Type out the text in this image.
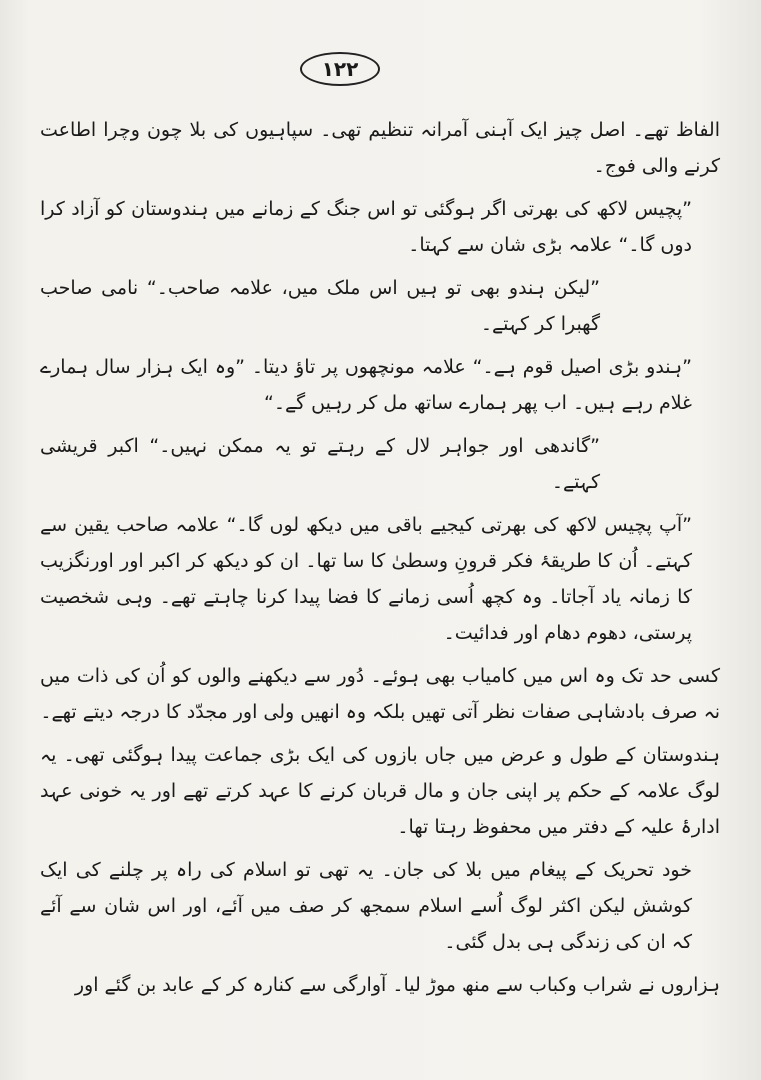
۱۲۲

الفاظ تھے۔ اصل چیز ایک آہنی آمرانہ تنظیم تھی۔ سپاہیوں کی بلا چون وچرا اطاعت کرنے والی فوج۔

”پچیس لاکھ کی بھرتی اگر ہوگئی تو اس جنگ کے زمانے میں ہندوستان کو آزاد کرا دوں گا۔“ علامہ بڑی شان سے کہتا۔

”لیکن ہندو بھی تو ہیں اس ملک میں، علامہ صاحب۔“ نامی صاحب گھبرا کر کہتے۔

”ہندو بڑی اصیل قوم ہے۔“ علامہ مونچھوں پر تاؤ دیتا۔ ”وہ ایک ہزار سال ہمارے غلام رہے ہیں۔ اب پھر ہمارے ساتھ مل کر رہیں گے۔“

”گاندھی اور جواہر لال کے رہتے تو یہ ممکن نہیں۔“ اکبر قریشی کہتے۔

”آپ پچیس لاکھ کی بھرتی کیجیے باقی میں دیکھ لوں گا۔“ علامہ صاحب یقین سے کہتے۔ اُن کا طریقۂ فکر قرونِ وسطیٰ کا سا تھا۔ ان کو دیکھ کر اکبر اور اورنگزیب کا زمانہ یاد آجاتا۔ وہ کچھ اُسی زمانے کا فضا پیدا کرنا چاہتے تھے۔ وہی شخصیت پرستی، دھوم دھام اور فدائیت۔

کسی حد تک وہ اس میں کامیاب بھی ہوئے۔ دُور سے دیکھنے والوں کو اُن کی ذات میں نہ صرف بادشاہی صفات نظر آتی تھیں بلکہ وہ انھیں ولی اور مجدّد کا درجہ دیتے تھے۔

ہندوستان کے طول و عرض میں جاں بازوں کی ایک بڑی جماعت پیدا ہوگئی تھی۔ یہ لوگ علامہ کے حکم پر اپنی جان و مال قربان کرنے کا عہد کرتے تھے اور یہ خونی عہد ادارۂ علیہ کے دفتر میں محفوظ رہتا تھا۔

خود تحریک کے پیغام میں بلا کی جان۔ یہ تھی تو اسلام کی راہ پر چلنے کی ایک کوشش لیکن اکثر لوگ اُسے اسلام سمجھ کر صف میں آئے، اور اس شان سے آئے کہ ان کی زندگی ہی بدل گئی۔

ہزاروں نے شراب وکباب سے منھ موڑ لیا۔ آوارگی سے کنارہ کر کے عابد بن گئے اور
